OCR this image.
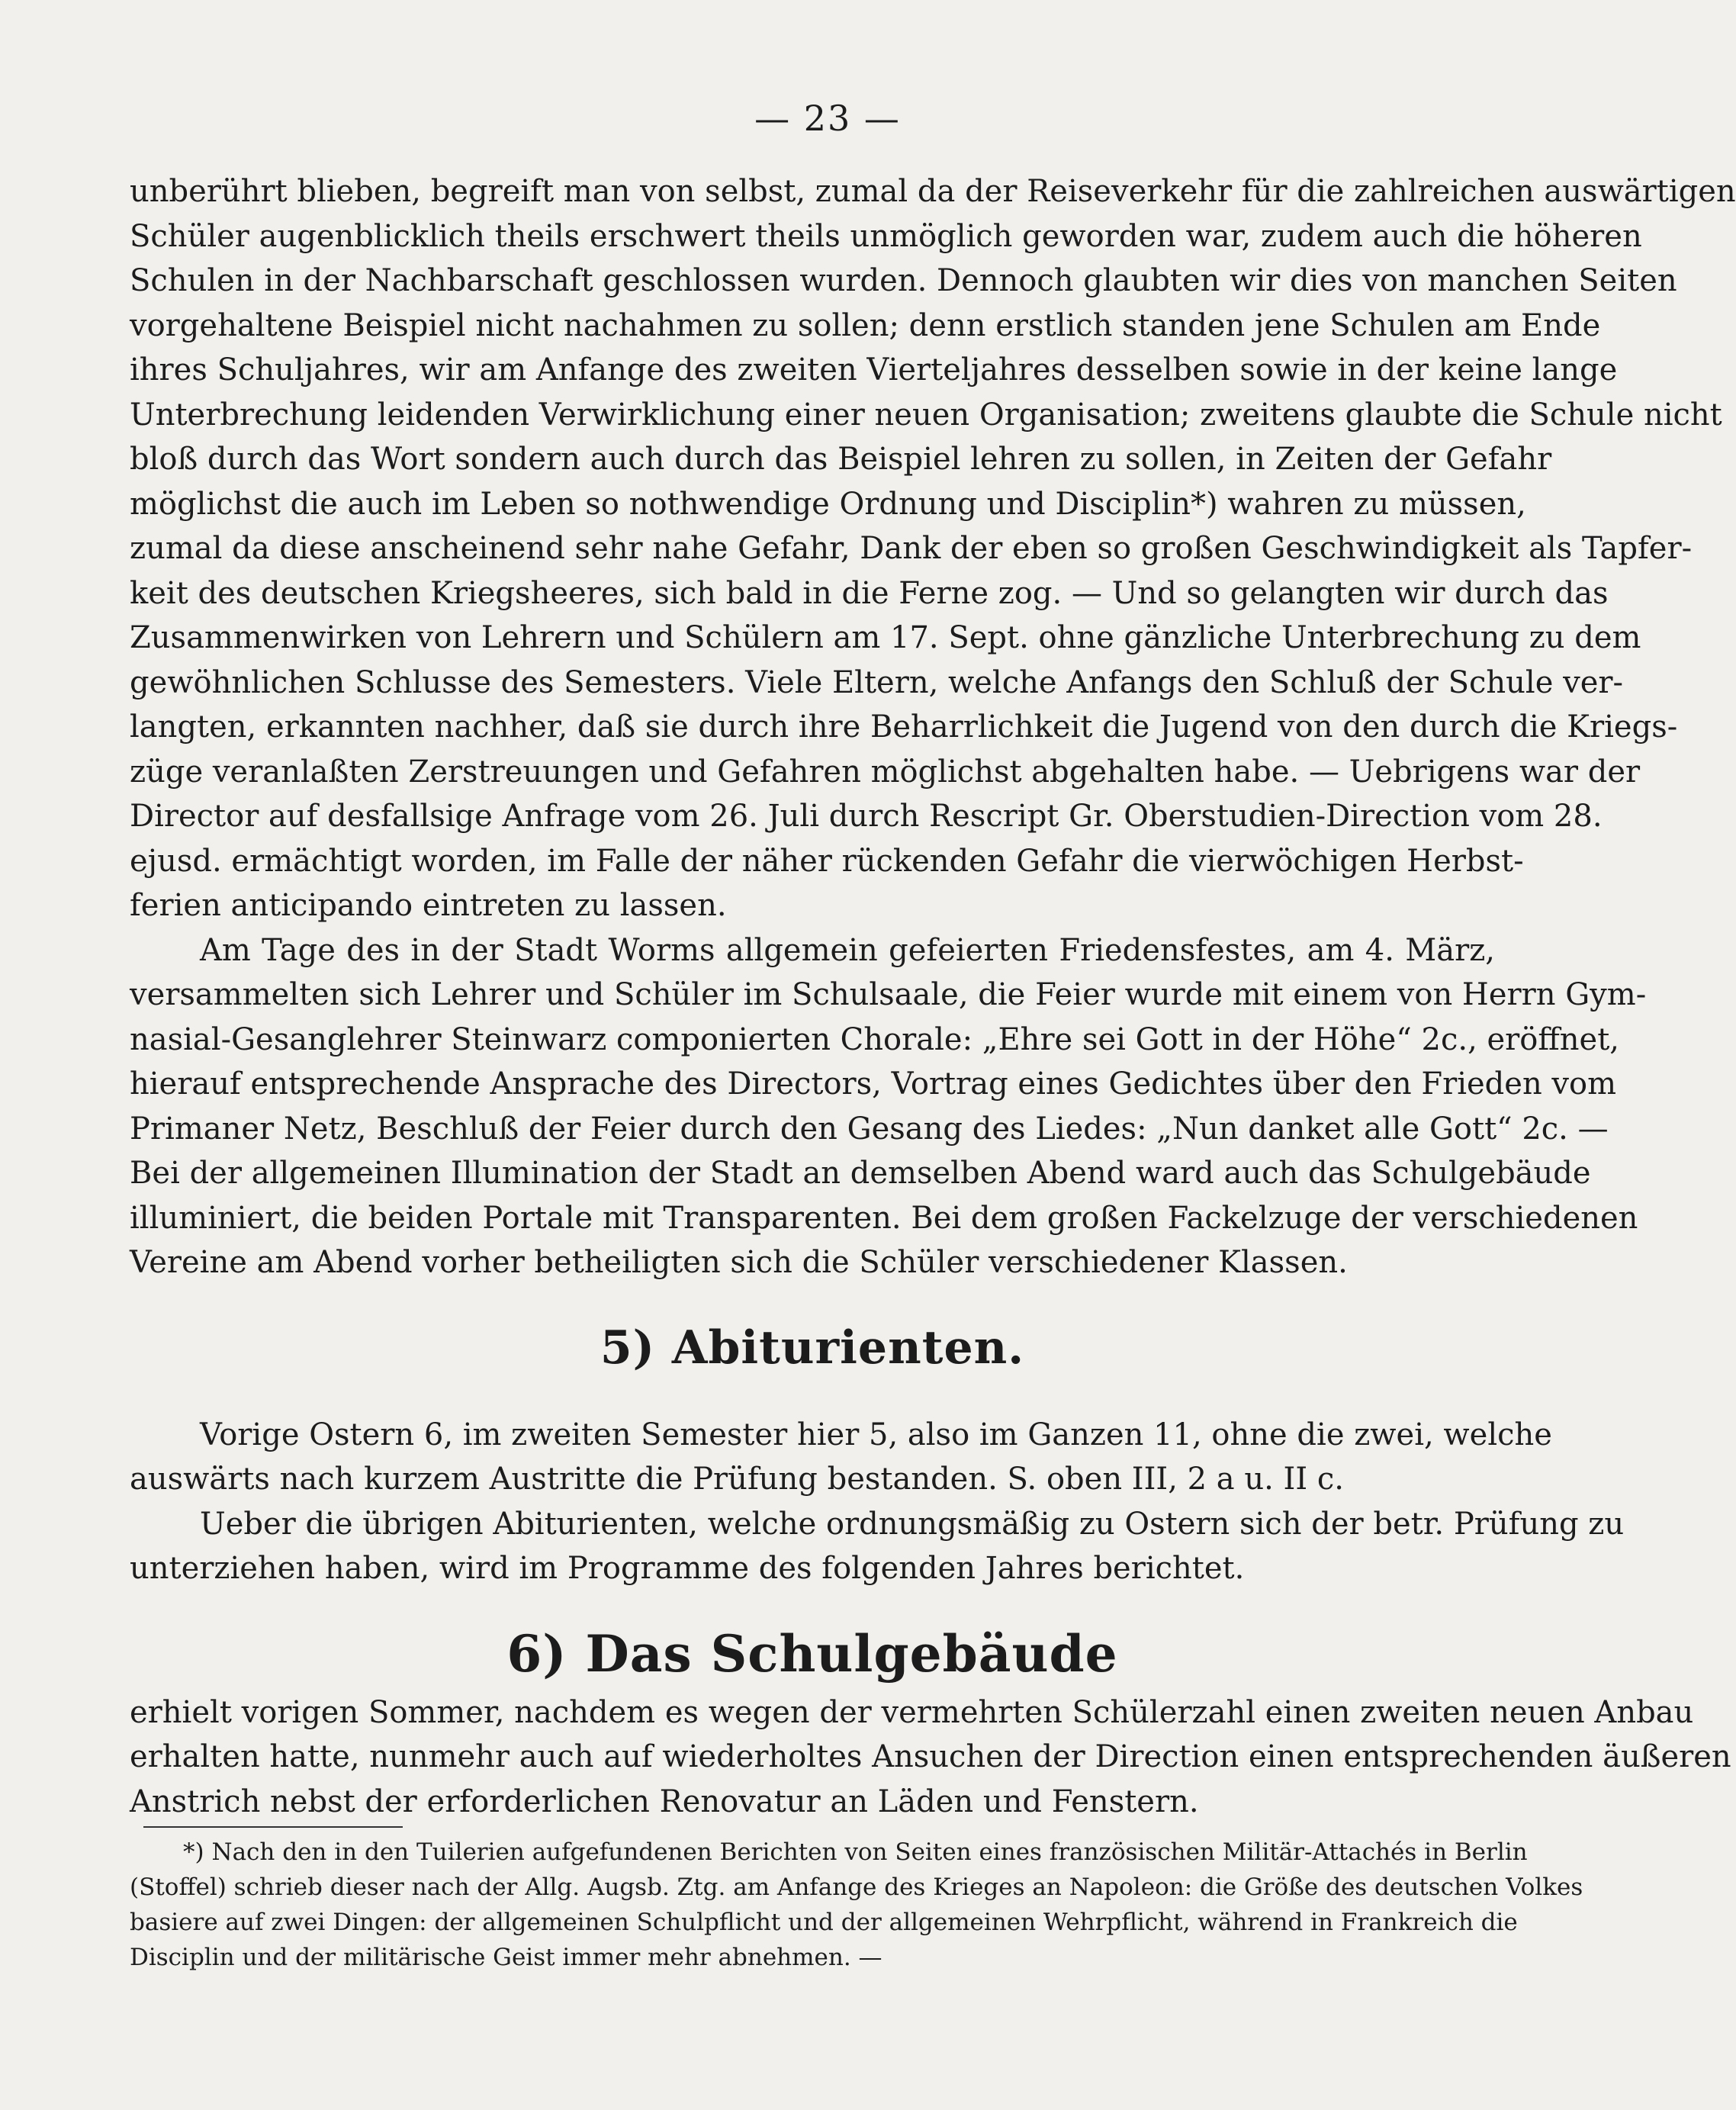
— 23 —
unberührt blieben, begreift man von selbst, zumal da der Reiseverkehr für die zahlreichen auswärtigen
Schüler augenblicklich theils erschwert theils unmöglich geworden war, zudem auch die höheren
Schulen in der Nachbarschaft geschlossen wurden. Dennoch glaubten wir dies von manchen Seiten
vorgehaltene Beispiel nicht nachahmen zu sollen; denn erstlich standen jene Schulen am Ende
ihres Schuljahres, wir am Anfange des zweiten Vierteljahres desselben sowie in der keine lange
Unterbrechung leidenden Verwirklichung einer neuen Organisation; zweitens glaubte die Schule nicht
bloß durch das Wort sondern auch durch das Beispiel lehren zu sollen, in Zeiten der Gefahr
möglichst die auch im Leben so nothwendige Ordnung und Disciplin*) wahren zu müssen,
zumal da diese anscheinend sehr nahe Gefahr, Dank der eben so großen Geschwindigkeit als Tapfer-
keit des deutschen Kriegsheeres, sich bald in die Ferne zog. — Und so gelangten wir durch das
Zusammenwirken von Lehrern und Schülern am 17. Sept. ohne gänzliche Unterbrechung zu dem
gewöhnlichen Schlusse des Semesters. Viele Eltern, welche Anfangs den Schluß der Schule ver-
langten, erkannten nachher, daß sie durch ihre Beharrlichkeit die Jugend von den durch die Kriegs-
züge veranlaßten Zerstreuungen und Gefahren möglichst abgehalten habe. — Uebrigens war der
Director auf desfallsige Anfrage vom 26. Juli durch Rescript Gr. Oberstudien-Direction vom 28.
ejusd. ermächtigt worden, im Falle der näher rückenden Gefahr die vierwöchigen Herbst-
ferien anticipando eintreten zu lassen.
Am Tage des in der Stadt Worms allgemein gefeierten Friedensfestes, am 4. März,
versammelten sich Lehrer und Schüler im Schulsaale, die Feier wurde mit einem von Herrn Gym-
nasial-Gesanglehrer Steinwarz componierten Chorale: „Ehre sei Gott in der Höhe“ 2c., eröffnet,
hierauf entsprechende Ansprache des Directors, Vortrag eines Gedichtes über den Frieden vom
Primaner Netz, Beschluß der Feier durch den Gesang des Liedes: „Nun danket alle Gott“ 2c. —
Bei der allgemeinen Illumination der Stadt an demselben Abend ward auch das Schulgebäude
illuminiert, die beiden Portale mit Transparenten. Bei dem großen Fackelzuge der verschiedenen
Vereine am Abend vorher betheiligten sich die Schüler verschiedener Klassen.
5) Abiturienten.
Vorige Ostern 6, im zweiten Semester hier 5, also im Ganzen 11, ohne die zwei, welche
auswärts nach kurzem Austritte die Prüfung bestanden. S. oben III, 2 a u. II c.
Ueber die übrigen Abiturienten, welche ordnungsmäßig zu Ostern sich der betr. Prüfung zu
unterziehen haben, wird im Programme des folgenden Jahres berichtet.
6) Das Schulgebäude
erhielt vorigen Sommer, nachdem es wegen der vermehrten Schülerzahl einen zweiten neuen Anbau
erhalten hatte, nunmehr auch auf wiederholtes Ansuchen der Direction einen entsprechenden äußeren
Anstrich nebst der erforderlichen Renovatur an Läden und Fenstern.
*) Nach den in den Tuilerien aufgefundenen Berichten von Seiten eines französischen Militär-Attachés in Berlin
(Stoffel) schrieb dieser nach der Allg. Augsb. Ztg. am Anfange des Krieges an Napoleon: die Größe des deutschen Volkes
basiere auf zwei Dingen: der allgemeinen Schulpflicht und der allgemeinen Wehrpflicht, während in Frankreich die
Disciplin und der militärische Geist immer mehr abnehmen. —
